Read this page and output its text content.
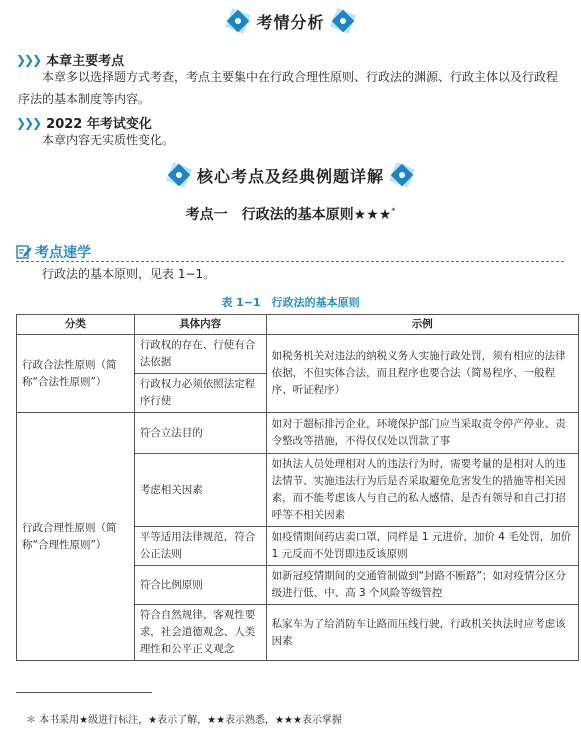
考情分析
❯❯❯ 本章主要考点
本章多以选择题方式考查，考点主要集中在行政合理性原则、行政法的渊源、行政主体以及行政程序法的基本制度等内容。
❯❯❯ 2022 年考试变化
本章内容无实质性变化。
核心考点及经典例题详解
考点一　行政法的基本原则★★★*
考点速学
行政法的基本原则，见表 1−1。
表 1−1　行政法的基本原则
分类	具体内容	示例
行政合法性原则（简称“合法性原则”）	行政权的存在、行使有合法依据	如税务机关对违法的纳税义务人实施行政处罚，须有相应的法律依据，不但实体合法，而且程序也要合法（简易程序、一般程序、听证程序）
	行政权力必须依照法定程序行使	
行政合理性原则（简称“合理性原则”）	符合立法目的	如对于超标排污企业，环境保护部门应当采取责令停产停业、责令整改等措施，不得仅仅处以罚款了事
	考虑相关因素	如执法人员处理相对人的违法行为时，需要考量的是相对人的违法情节、实施违法行为后是否采取避免危害发生的措施等相关因素，而不能考虑该人与自己的私人感情、是否有领导和自己打招呼等不相关因素
	平等适用法律规范，符合公正法则	如疫情期间药店卖口罩，同样是 1 元进价，加价 4 毛处罚，加价 1 元反而不处罚即违反该原则
	符合比例原则	如新冠疫情期间的交通管制做到“封路不断路”；如对疫情分区分级进行低、中、高 3 个风险等级管控
	符合自然规律、客观性要求，社会道德观念、人类理性和公平正义观念	私家车为了给消防车让路而压线行驶，行政机关执法时应考虑该因素
＊ 本书采用★级进行标注，★表示了解，★★表示熟悉，★★★表示掌握
